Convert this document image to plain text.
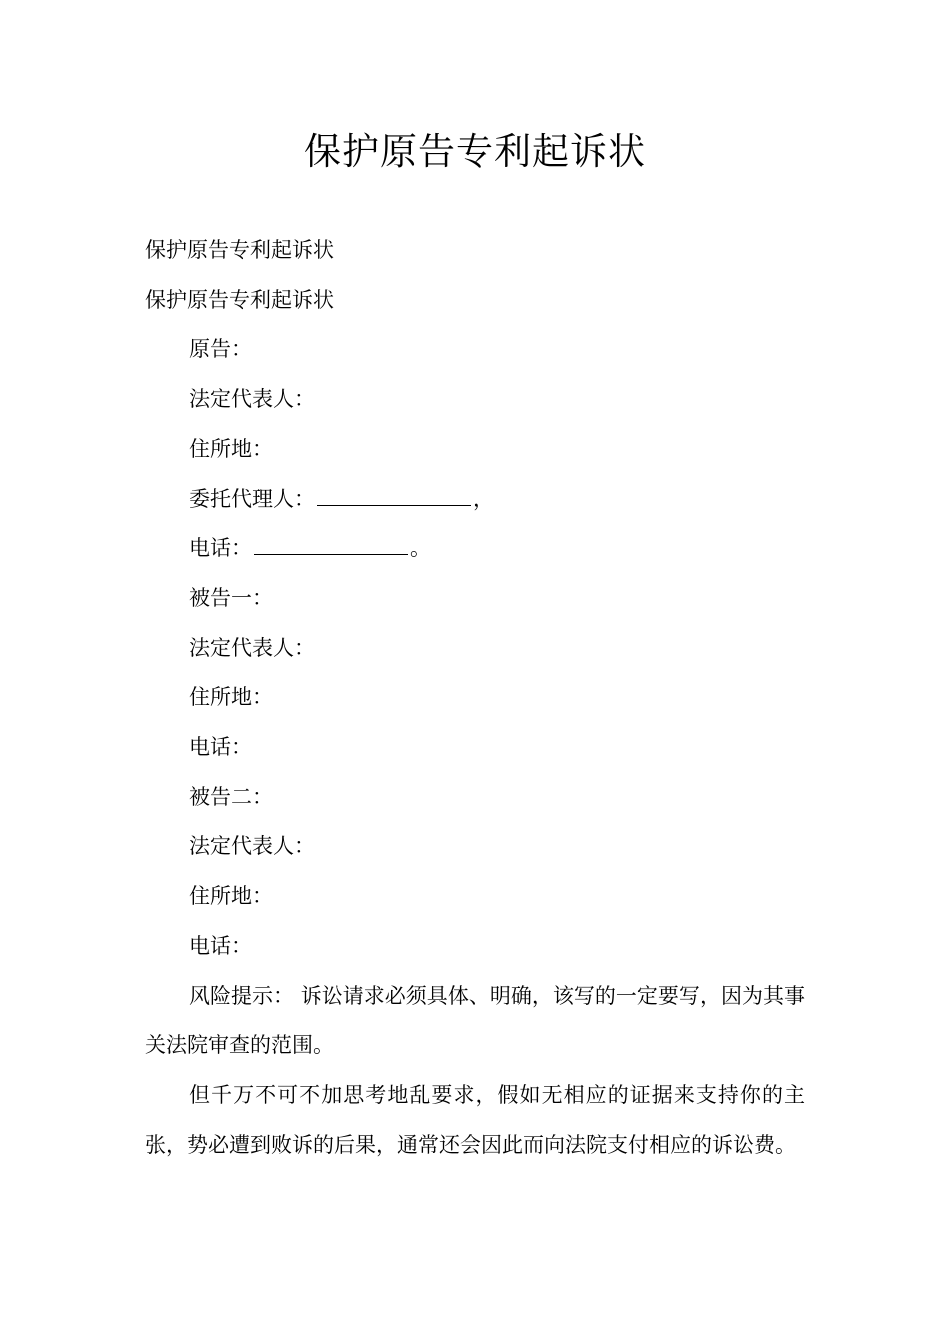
保护原告专利起诉状

保护原告专利起诉状

保护原告专利起诉状

原告：

法定代表人：

住所地：

委托代理人：	，

电话：	。

被告一：

法定代表人：

住所地：

电话：

被告二：

法定代表人：

住所地：

电话：

风险提示： 诉讼请求必须具体、明确，该写的一定要写，因为其事关法院审查的范围。

但千万不可不加思考地乱要求，假如无相应的证据来支持你的主张，势必遭到败诉的后果，通常还会因此而向法院支付相应的诉讼费。
